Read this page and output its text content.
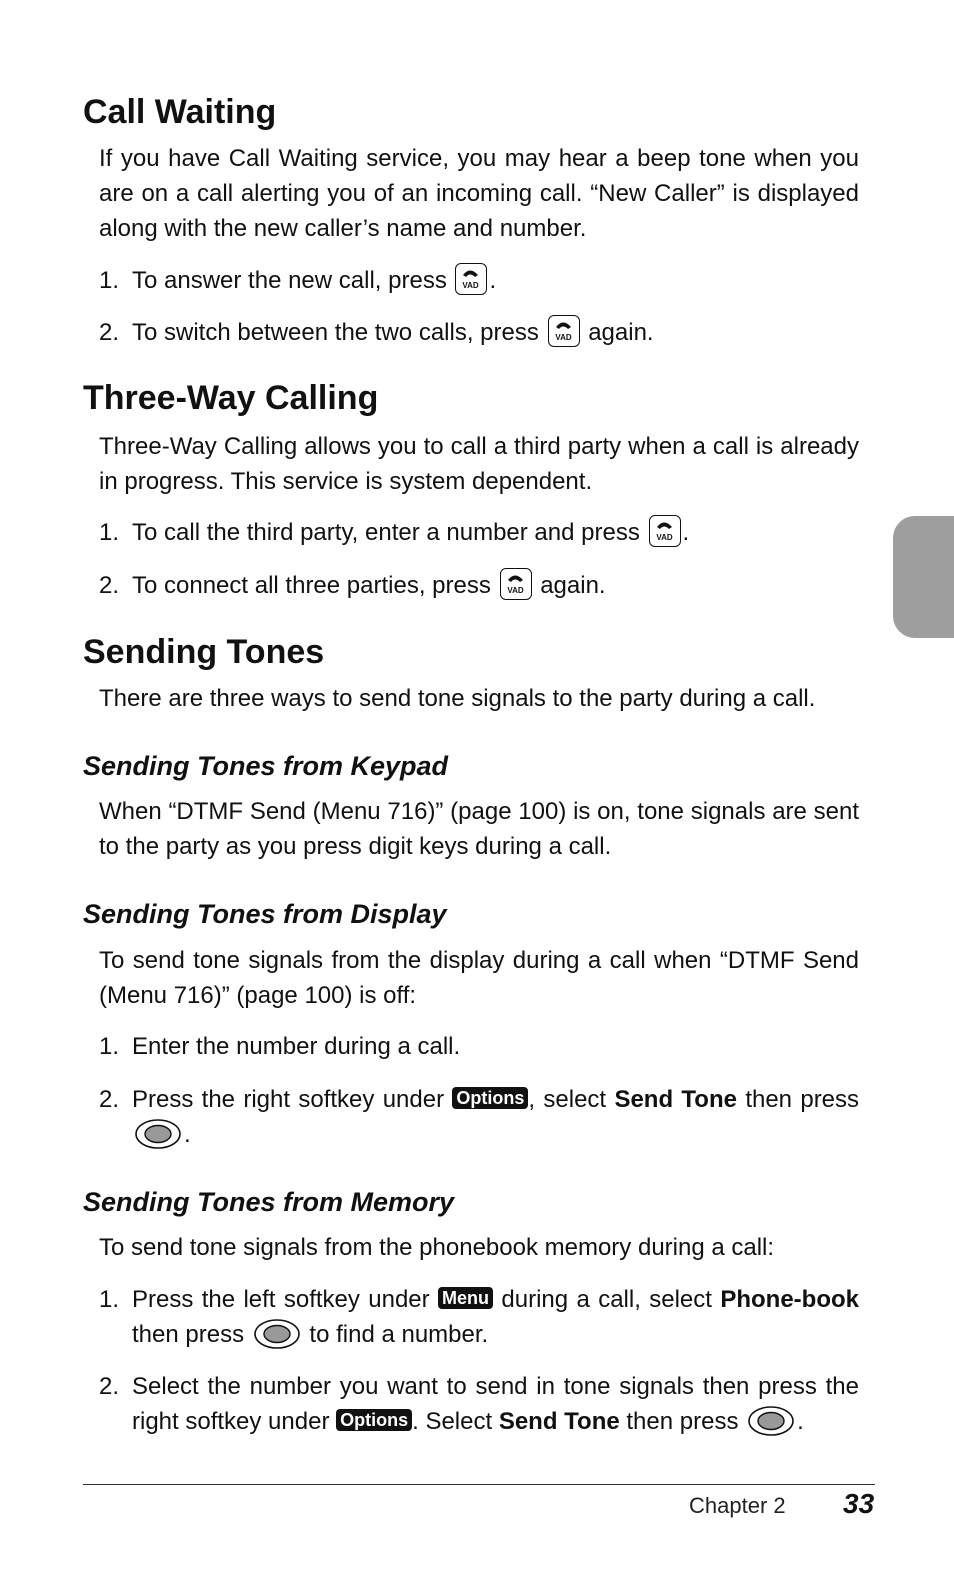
Call Waiting

If you have Call Waiting service, you may hear a beep tone when you are on a call alerting you of an incoming call. “New Caller” is displayed along with the new caller’s name and number.

1. To answer the new call, press VAD .
2. To switch between the two calls, press VAD again.
Three-Way Calling

Three-Way Calling allows you to call a third party when a call is already in progress. This service is system dependent.

1. To call the third party, enter a number and press VAD .
2. To connect all three parties, press VAD again.
Sending Tones

There are three ways to send tone signals to the party during a call.

Sending Tones from Keypad

When “DTMF Send (Menu 716)” (page 100) is on, tone signals are sent to the party as you press digit keys during a call.

Sending Tones from Display

To send tone signals from the display during a call when “DTMF Send (Menu 716)” (page 100) is off:

1. Enter the number during a call.
2. Press the right softkey under Options , select Send Tone then press .
Sending Tones from Memory

To send tone signals from the phonebook memory during a call:

1. Press the left softkey under Menu during a call, select Phone-book then press	to find a number.
2. Select the number you want to send in tone signals then press the right softkey under Options . Select Send Tone then press .
Chapter 2 33
